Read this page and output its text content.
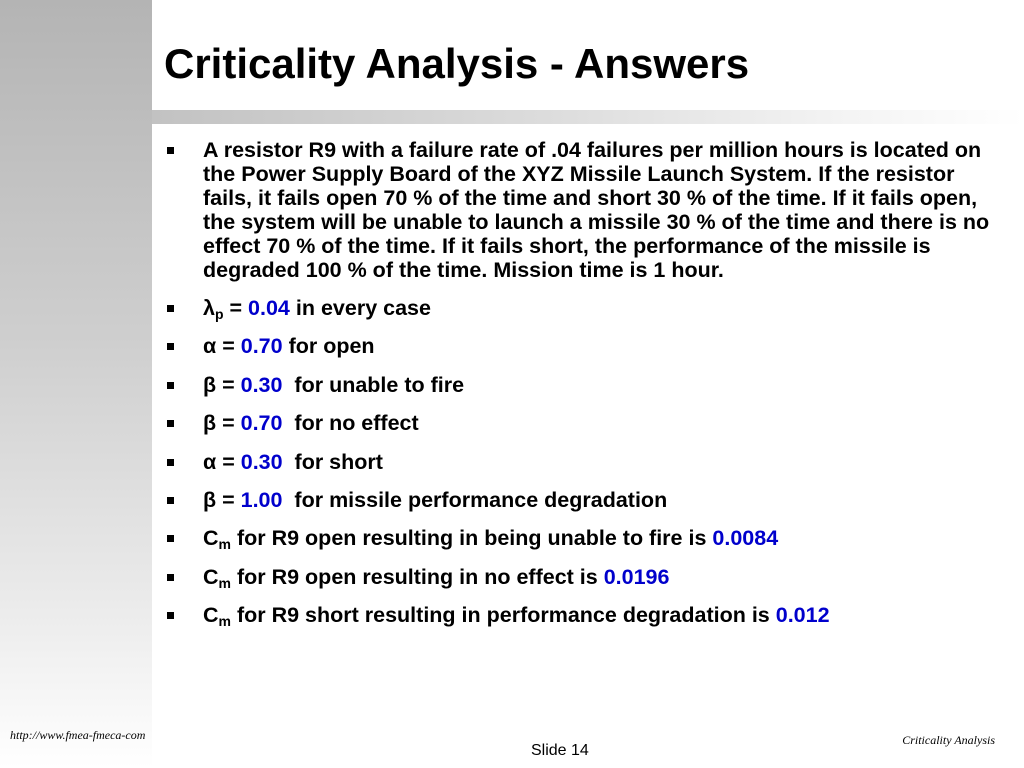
Criticality Analysis - Answers
A resistor R9 with a failure rate of .04 failures per million hours is located on the Power Supply Board of the XYZ Missile Launch System. If the resistor fails, it fails open 70 % of the time and short 30 % of the time. If it fails open, the system will be unable to launch a missile 30 % of the time and there is no effect 70 % of the time. If it fails short, the performance of the missile is degraded 100 % of the time. Mission time is 1 hour.
$\lambda_p = 0.04$ in every case
α = 0.70 for open
β = 0.30  for unable to fire
β = 0.70  for no effect
α = 0.30  for short
β = 1.00  for missile performance degradation
$C_m$ for R9 open resulting in being unable to fire is 0.0084
$C_m$ for R9 open resulting in no effect is 0.0196
$C_m$ for R9 short resulting in performance degradation is 0.012
http://www.fmea-fmeca-com
Slide 14
Criticality Analysis
